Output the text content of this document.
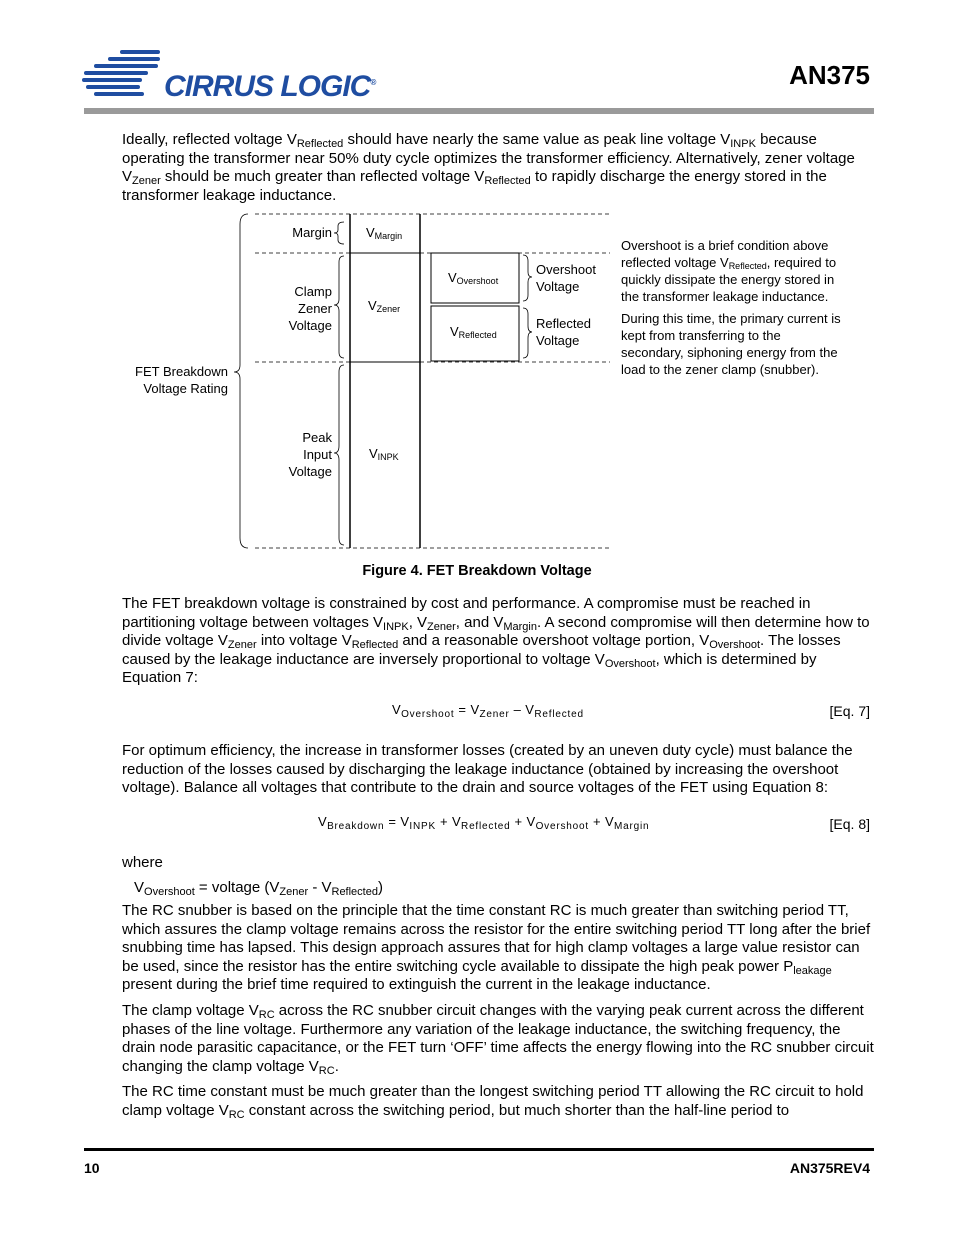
CIRRUS LOGIC®	AN375
Ideally, reflected voltage $V_{Reflected}$ should have nearly the same value as peak line voltage $V_{INPK}$ because operating the transformer near 50% duty cycle optimizes the transformer efficiency. Alternatively, zener voltage $V_{Zener}$ should be much greater than reflected voltage $V_{Reflected}$ to rapidly discharge the energy stored in the transformer leakage inductance.
FET Breakdown
Voltage Rating
Margin
Clamp
Zener
Voltage
Peak
Input
Voltage
$V_{Margin}$
$V_{Zener}$
$V_{INPK}$
$V_{Overshoot}$
$V_{Reflected}$
Overshoot
Voltage
Reflected
Voltage
Overshoot is a brief condition above
reflected voltage $V_{Reflected}$, required to
quickly dissipate the energy stored in
the transformer leakage inductance.
During this time, the primary current is
kept from transferring to the
secondary, siphoning energy from the
load to the zener clamp (snubber).
Figure 4. FET Breakdown Voltage
The FET breakdown voltage is constrained by cost and performance. A compromise must be reached in partitioning voltage between voltages $V_{INPK}$, $V_{Zener}$, and $V_{Margin}$. A second compromise will then determine how to divide voltage $V_{Zener}$ into voltage $V_{Reflected}$ and a reasonable overshoot voltage portion, $V_{Overshoot}$. The losses caused by the leakage inductance are inversely proportional to voltage $V_{Overshoot}$, which is determined by Equation 7:
$V_{Overshoot} = V_{Zener} - V_{Reflected}$	[Eq. 7]
For optimum efficiency, the increase in transformer losses (created by an uneven duty cycle) must balance the reduction of the losses caused by discharging the leakage inductance (obtained by increasing the overshoot voltage). Balance all voltages that contribute to the drain and source voltages of the FET using Equation 8:
$V_{Breakdown} = V_{INPK} + V_{Reflected} + V_{Overshoot} + V_{Margin}$	[Eq. 8]
where
$V_{Overshoot}$ = voltage $(V_{Zener} - V_{Reflected})$
The RC snubber is based on the principle that the time constant RC is much greater than switching period TT, which assures the clamp voltage remains across the resistor for the entire switching period TT long after the brief snubbing time has lapsed. This design approach assures that for high clamp voltages a large value resistor can be used, since the resistor has the entire switching cycle available to dissipate the high peak power $P_{leakage}$ present during the brief time required to extinguish the current in the leakage inductance.
The clamp voltage $V_{RC}$ across the RC snubber circuit changes with the varying peak current across the different phases of the line voltage. Furthermore any variation of the leakage inductance, the switching frequency, the drain node parasitic capacitance, or the FET turn ‘OFF’ time affects the energy flowing into the RC snubber circuit changing the clamp voltage $V_{RC}$.
The RC time constant must be much greater than the longest switching period TT allowing the RC circuit to hold clamp voltage $V_{RC}$ constant across the switching period, but much shorter than the half-line period to
10	AN375REV4
